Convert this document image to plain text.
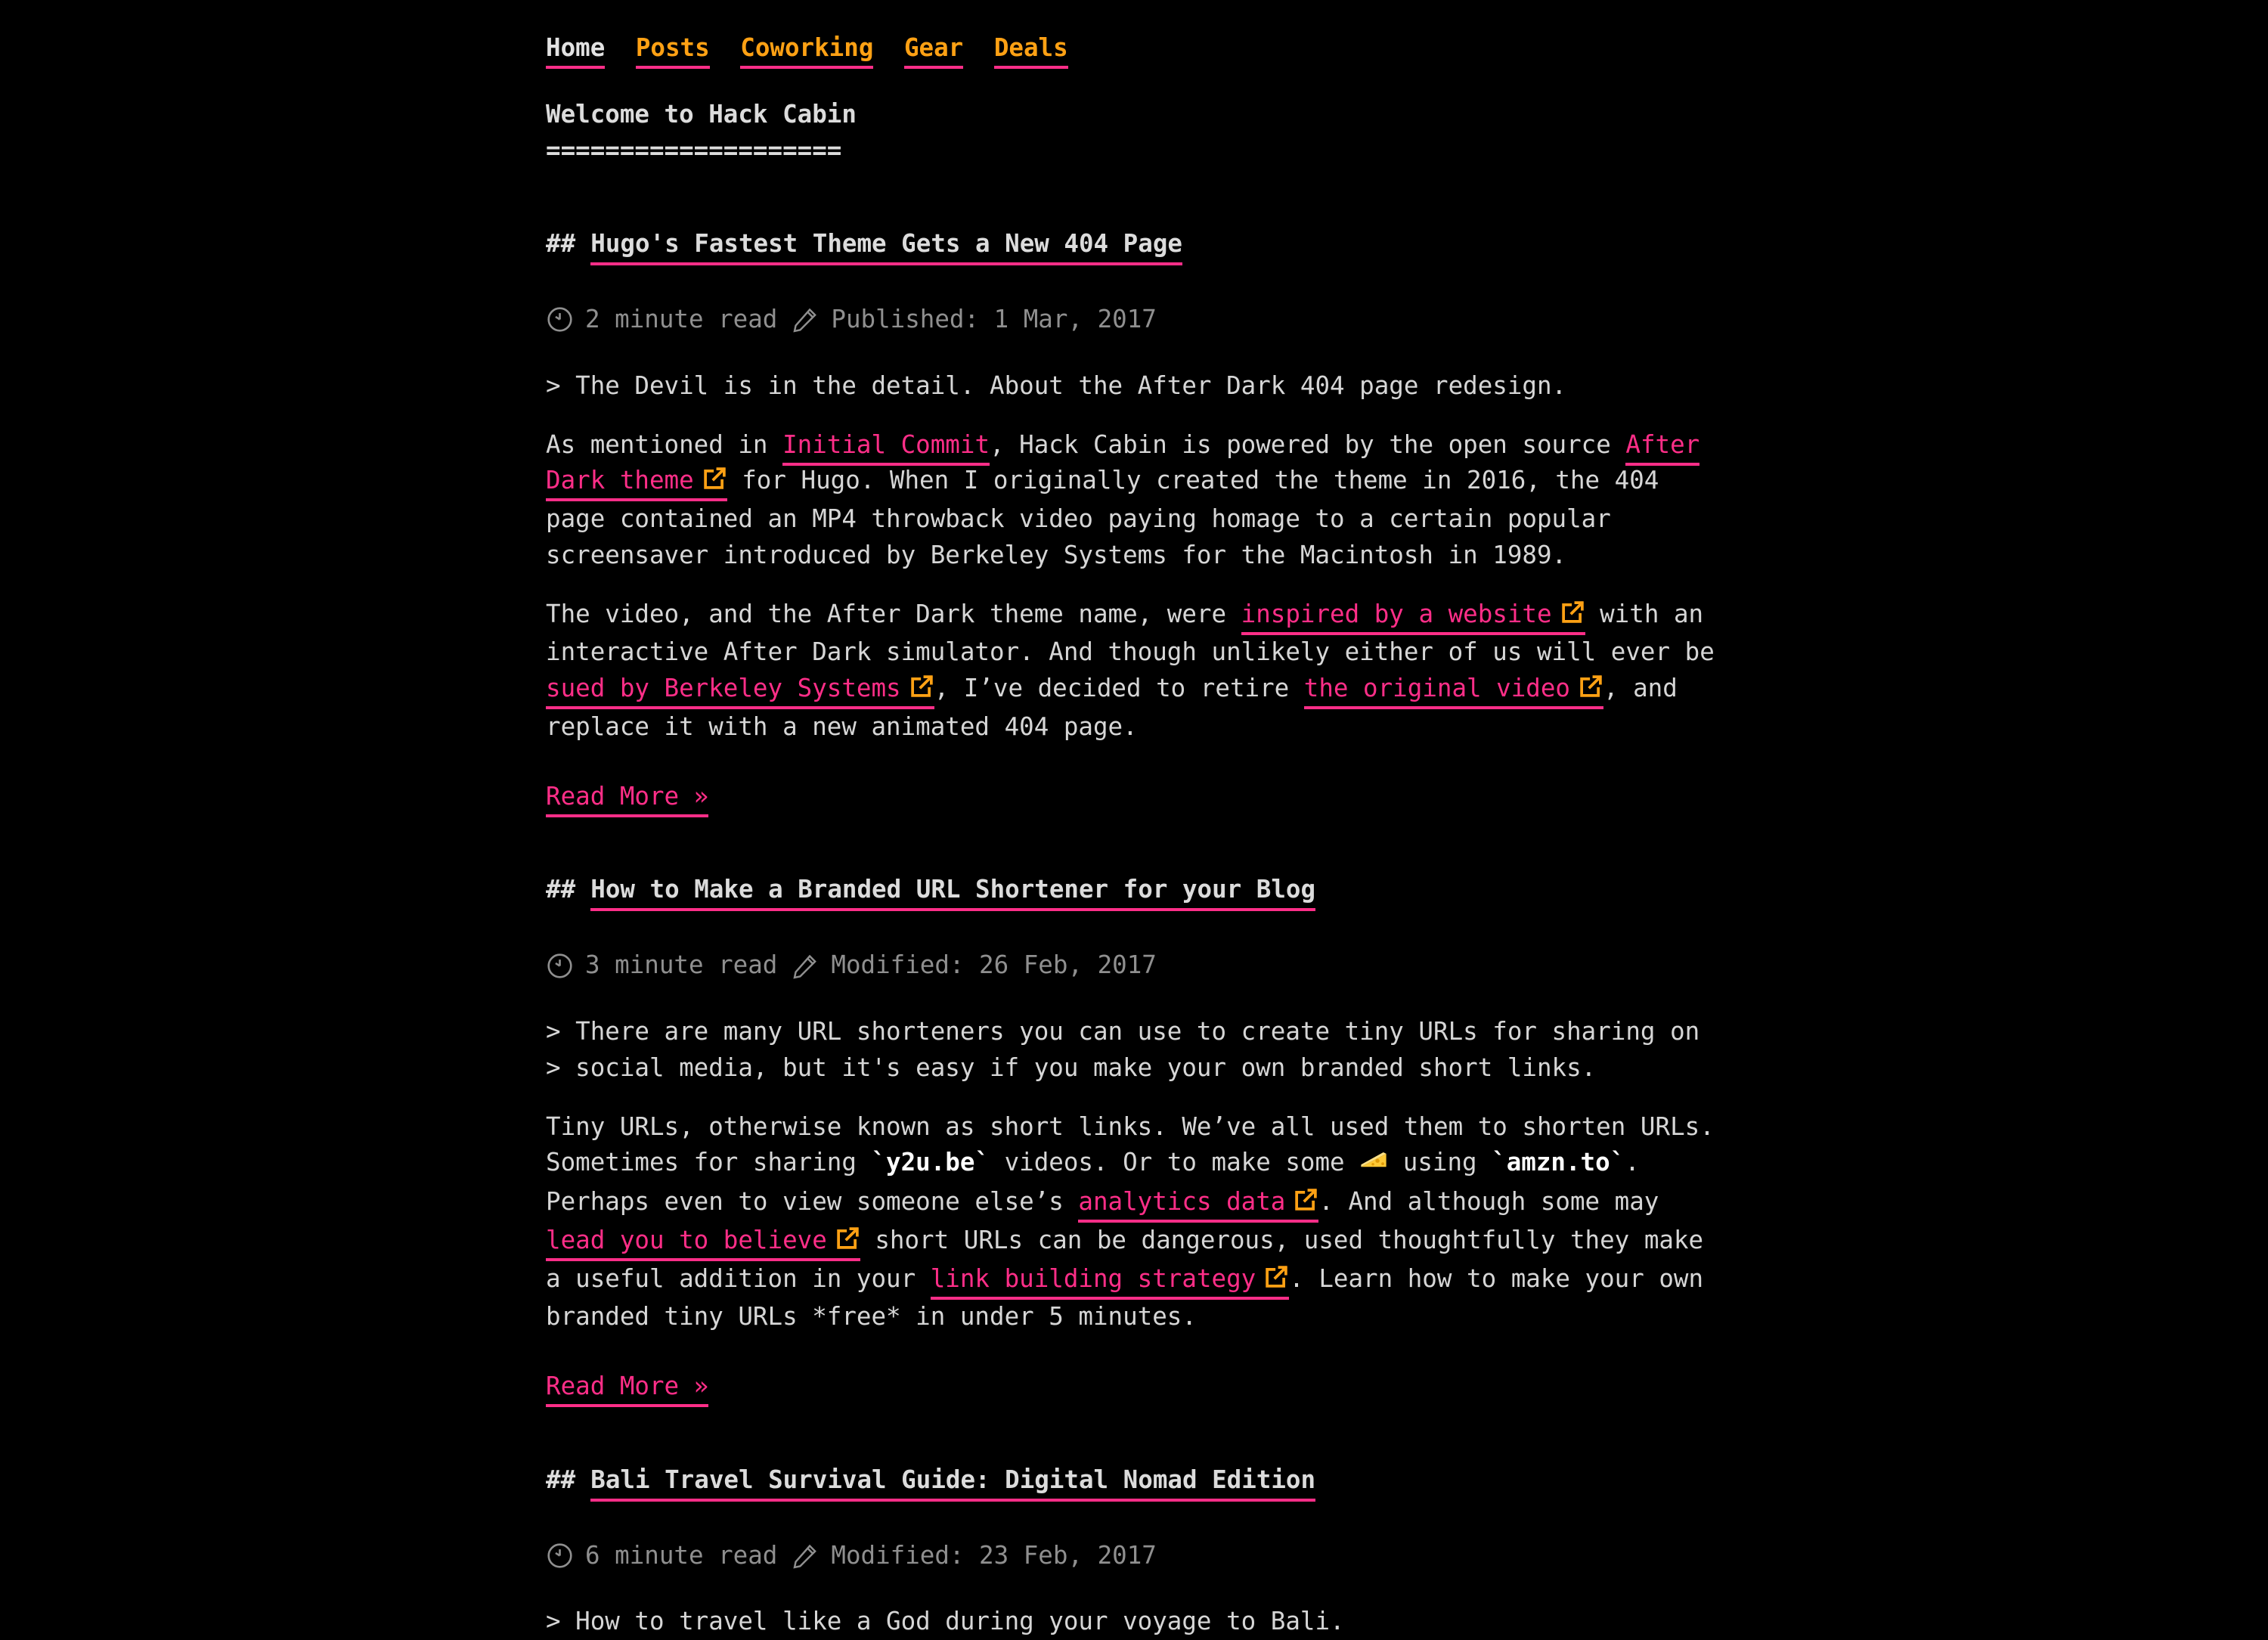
Home Posts Coworking Gear Deals
Welcome to Hack Cabin
====================
## Hugo's Fastest Theme Gets a New 404 Page
2 minute read Published: 1 Mar, 2017
> The Devil is in the detail. About the After Dark 404 page redesign.

As mentioned in Initial Commit, Hack Cabin is powered by the open source After Dark theme for Hugo. When I originally created the theme in 2016, the 404 page contained an MP4 throwback video paying homage to a certain popular screensaver introduced by Berkeley Systems for the Macintosh in 1989.

The video, and the After Dark theme name, were inspired by a website with an interactive After Dark simulator. And though unlikely either of us will ever be sued by Berkeley Systems , I’ve decided to retire the original video , and replace it with a new animated 404 page.

Read More »

## How to Make a Branded URL Shortener for your Blog
3 minute read Modified: 26 Feb, 2017
> There are many URL shorteners you can use to create tiny URLs for sharing on
> social media, but it's easy if you make your own branded short links.

Tiny URLs, otherwise known as short links. We’ve all used them to shorten URLs. Sometimes for sharing `y2u.be` videos. Or to make some  using `amzn.to`. Perhaps even to view someone else’s analytics data . And although some may lead you to believe short URLs can be dangerous, used thoughtfully they make a useful addition in your link building strategy . Learn how to make your own branded tiny URLs *free* in under 5 minutes.

Read More »

## Bali Travel Survival Guide: Digital Nomad Edition
6 minute read Modified: 23 Feb, 2017
> How to travel like a God during your voyage to Bali.
